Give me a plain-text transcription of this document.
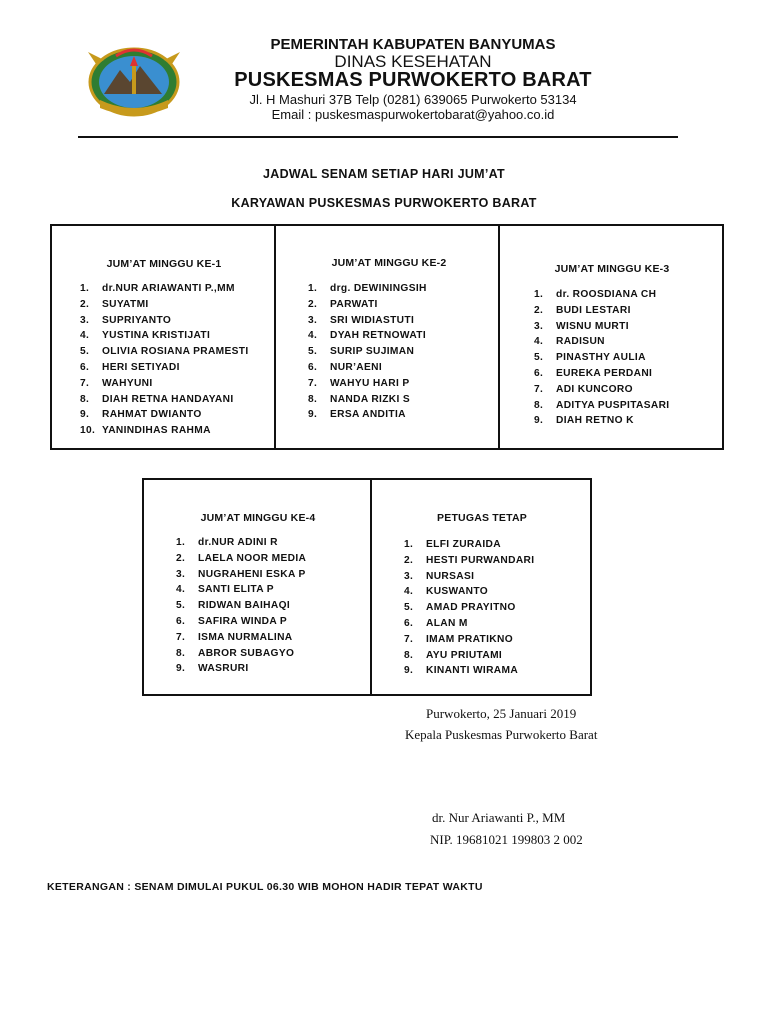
PEMERINTAH KABUPATEN BANYUMAS
DINAS KESEHATAN
PUSKESMAS PURWOKERTO BARAT
Jl. H Mashuri 37B Telp (0281) 639065 Purwokerto 53134
Email : puskesmaspurwokertobarat@yahoo.co.id
JADWAL SENAM SETIAP HARI JUM’AT
KARYAWAN PUSKESMAS PURWOKERTO BARAT
JUM’AT MINGGU KE-1
1.	dr.NUR ARIAWANTI P.,MM
2.	SUYATMI
3.	SUPRIYANTO
4.	YUSTINA KRISTIJATI
5.	OLIVIA ROSIANA PRAMESTI
6.	HERI SETIYADI
7.	WAHYUNI
8.	DIAH RETNA HANDAYANI
9.	RAHMAT DWIANTO
10. YANINDIHAS RAHMA
JUM’AT MINGGU KE-2
1.	drg. DEWININGSIH
2.	PARWATI
3.	SRI WIDIASTUTI
4.	DYAH RETNOWATI
5.	SURIP SUJIMAN
6.	NUR’AENI
7.	WAHYU HARI P
8.	NANDA RIZKI S
9.	ERSA ANDITIA
JUM’AT MINGGU KE-3
1.	dr. ROOSDIANA CH
2.	BUDI LESTARI
3.	WISNU MURTI
4.	RADISUN
5.	PINASTHY AULIA
6.	EUREKA PERDANI
7.	ADI KUNCORO
8.	ADITYA PUSPITASARI
9.	DIAH RETNO K
JUM’AT MINGGU KE-4
1.	dr.NUR ADINI R
2.	LAELA NOOR MEDIA
3.	NUGRAHENI ESKA P
4.	SANTI ELITA P
5.	RIDWAN BAIHAQI
6.	SAFIRA WINDA P
7.	ISMA NURMALINA
8.	ABROR SUBAGYO
9.	WASRURI
PETUGAS TETAP
1.	ELFI ZURAIDA
2.	HESTI PURWANDARI
3.	NURSASI
4.	KUSWANTO
5.	AMAD PRAYITNO
6.	ALAN M
7.	IMAM PRATIKNO
8.	AYU PRIUTAMI
9.	KINANTI WIRAMA
Purwokerto, 25 Januari 2019
Kepala Puskesmas Purwokerto Barat
dr. Nur Ariawanti P., MM
NIP. 19681021 199803 2 002
KETERANGAN : SENAM DIMULAI PUKUL 06.30 WIB MOHON HADIR TEPAT WAKTU
